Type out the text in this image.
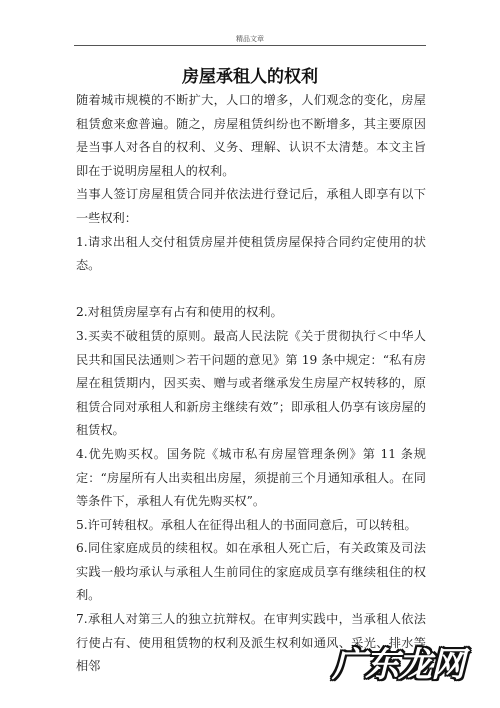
精品文章
房屋承租人的权利

随着城市规模的不断扩大，人口的增多，人们观念的变化，房屋租赁愈来愈普遍。随之，房屋租赁纠纷也不断增多，其主要原因是当事人对各自的权利、义务、理解、认识不太清楚。本文主旨即在于说明房屋租人的权利。

当事人签订房屋租赁合同并依法进行登记后，承租人即享有以下一些权利：

1.请求出租人交付租赁房屋并使租赁房屋保持合同约定使用的状态。

2.对租赁房屋享有占有和使用的权利。

3.买卖不破租赁的原则。最高人民法院《关于贯彻执行＜中华人民共和国民法通则＞若干问题的意见》第 19 条中规定：“私有房屋在租赁期内，因买卖、赠与或者继承发生房屋产权转移的，原租赁合同对承租人和新房主继续有效”；即承租人仍享有该房屋的租赁权。

4.优先购买权。国务院《城市私有房屋管理条例》第 11 条规定：“房屋所有人出卖租出房屋，须提前三个月通知承租人。在同等条件下，承租人有优先购买权”。

5.许可转租权。承租人在征得出租人的书面同意后，可以转租。

6.同住家庭成员的续租权。如在承租人死亡后，有关政策及司法实践一般均承认与承租人生前同住的家庭成员享有继续租住的权利。

7.承租人对第三人的独立抗辩权。在审判实践中，当承租人依法行使占有、使用租赁物的权利及派生权利如通风、采光、排水等相邻	广东龙网
